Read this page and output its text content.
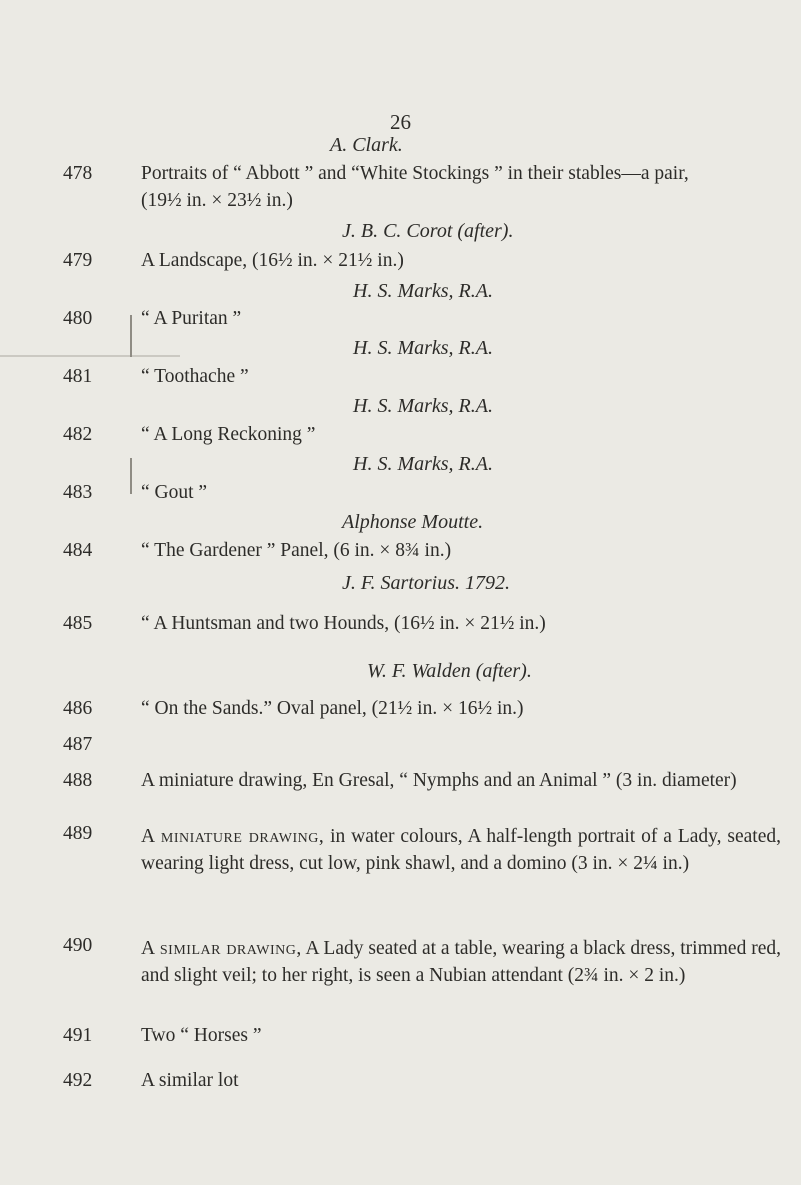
26
A. Clark.
478	Portraits of “ Abbott ” and “White Stockings ” in their stables—a pair,
(19½ in. × 23½ in.)
J. B. C. Corot (after).
479	A Landscape, (16½ in. × 21½ in.)
H. S. Marks, R.A.
480	“ A Puritan ”
H. S. Marks, R.A.
481	“ Toothache ”
H. S. Marks, R.A.
482	“ A Long Reckoning ”
H. S. Marks, R.A.
483	“ Gout ”
Alphonse Moutte.
484	“ The Gardener ” Panel, (6 in. × 8¾ in.)
J. F. Sartorius. 1792.
485	“ A Huntsman and two Hounds, (16½ in. × 21½ in.)
W. F. Walden (after).
486	“ On the Sands.” Oval panel, (21½ in. × 16½ in.)
487
488	A miniature drawing, En Gresal, “ Nymphs and an Animal ” (3 in. diameter)
489	A miniature drawing, in water colours, A half-length portrait of a Lady, seated, wearing light dress, cut low, pink shawl, and a domino (3 in. × 2¼ in.)
490	A similar drawing, A Lady seated at a table, wearing a black dress, trimmed red, and slight veil; to her right, is seen a Nubian attendant (2¾ in. × 2 in.)
491	Two “ Horses ”
492	A similar lot
